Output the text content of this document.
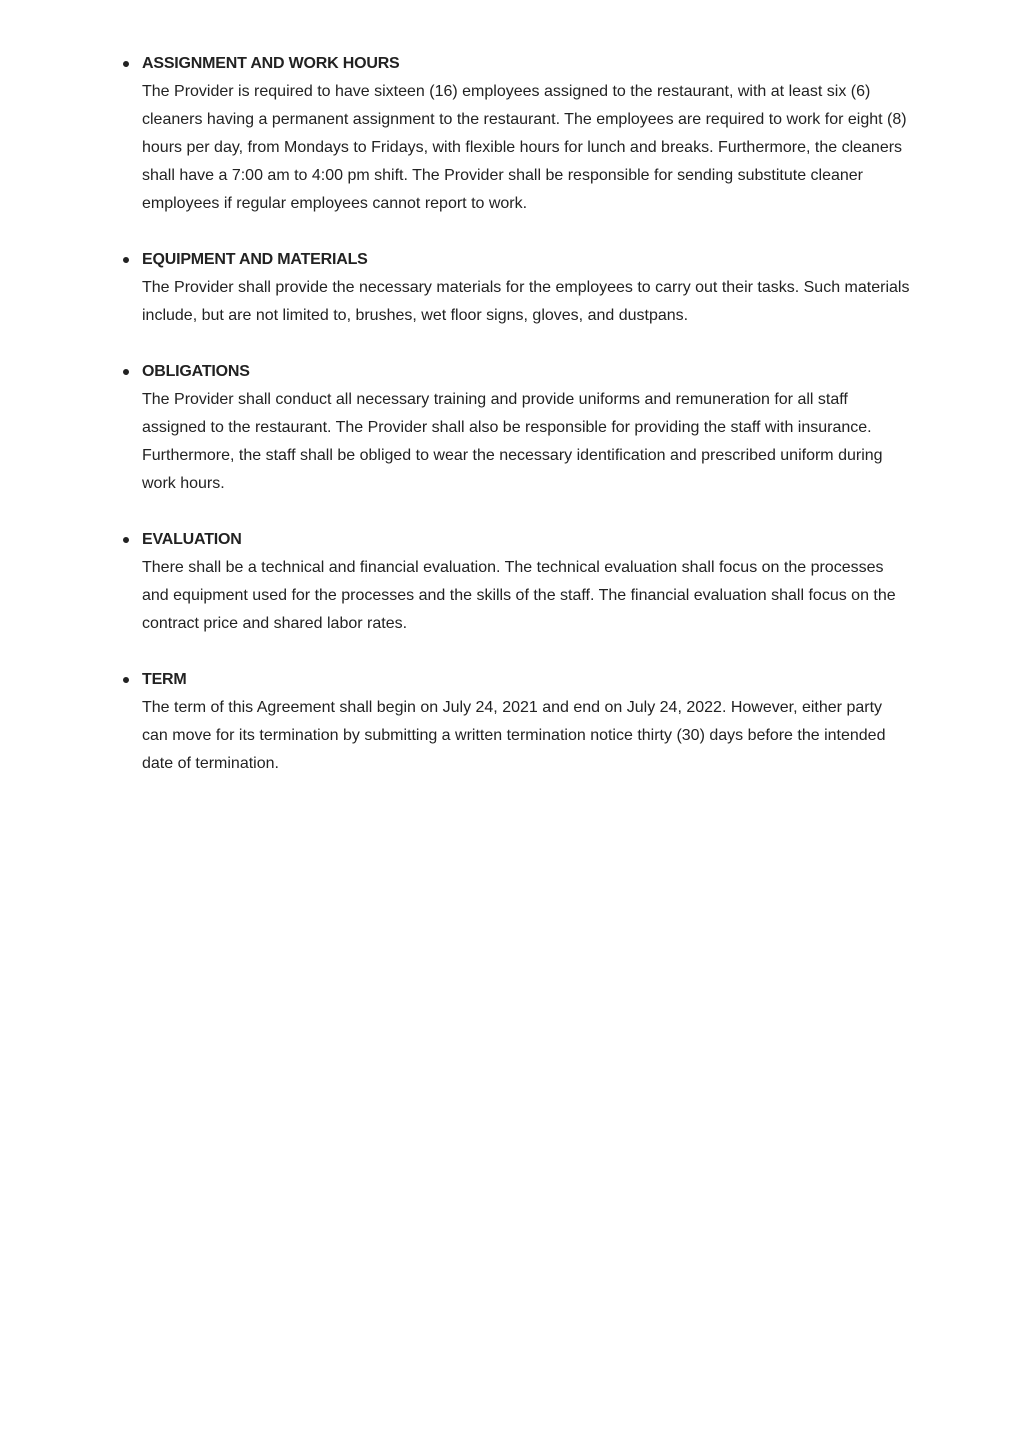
ASSIGNMENT AND WORK HOURS

The Provider is required to have sixteen (16) employees assigned to the restaurant, with at least six (6) cleaners having a permanent assignment to the restaurant. The employees are required to work for eight (8) hours per day, from Mondays to Fridays, with flexible hours for lunch and breaks. Furthermore, the cleaners shall have a 7:00 am to 4:00 pm shift. The Provider shall be responsible for sending substitute cleaner employees if regular employees cannot report to work.

EQUIPMENT AND MATERIALS

The Provider shall provide the necessary materials for the employees to carry out their tasks. Such materials include, but are not limited to, brushes, wet floor signs, gloves, and dustpans.

OBLIGATIONS

The Provider shall conduct all necessary training and provide uniforms and remuneration for all staff assigned to the restaurant. The Provider shall also be responsible for providing the staff with insurance. Furthermore, the staff shall be obliged to wear the necessary identification and prescribed uniform during work hours.

EVALUATION

There shall be a technical and financial evaluation. The technical evaluation shall focus on the processes and equipment used for the processes and the skills of the staff. The financial evaluation shall focus on the contract price and shared labor rates.

TERM

The term of this Agreement shall begin on July 24, 2021 and end on July 24, 2022. However, either party can move for its termination by submitting a written termination notice thirty (30) days before the intended date of termination.
